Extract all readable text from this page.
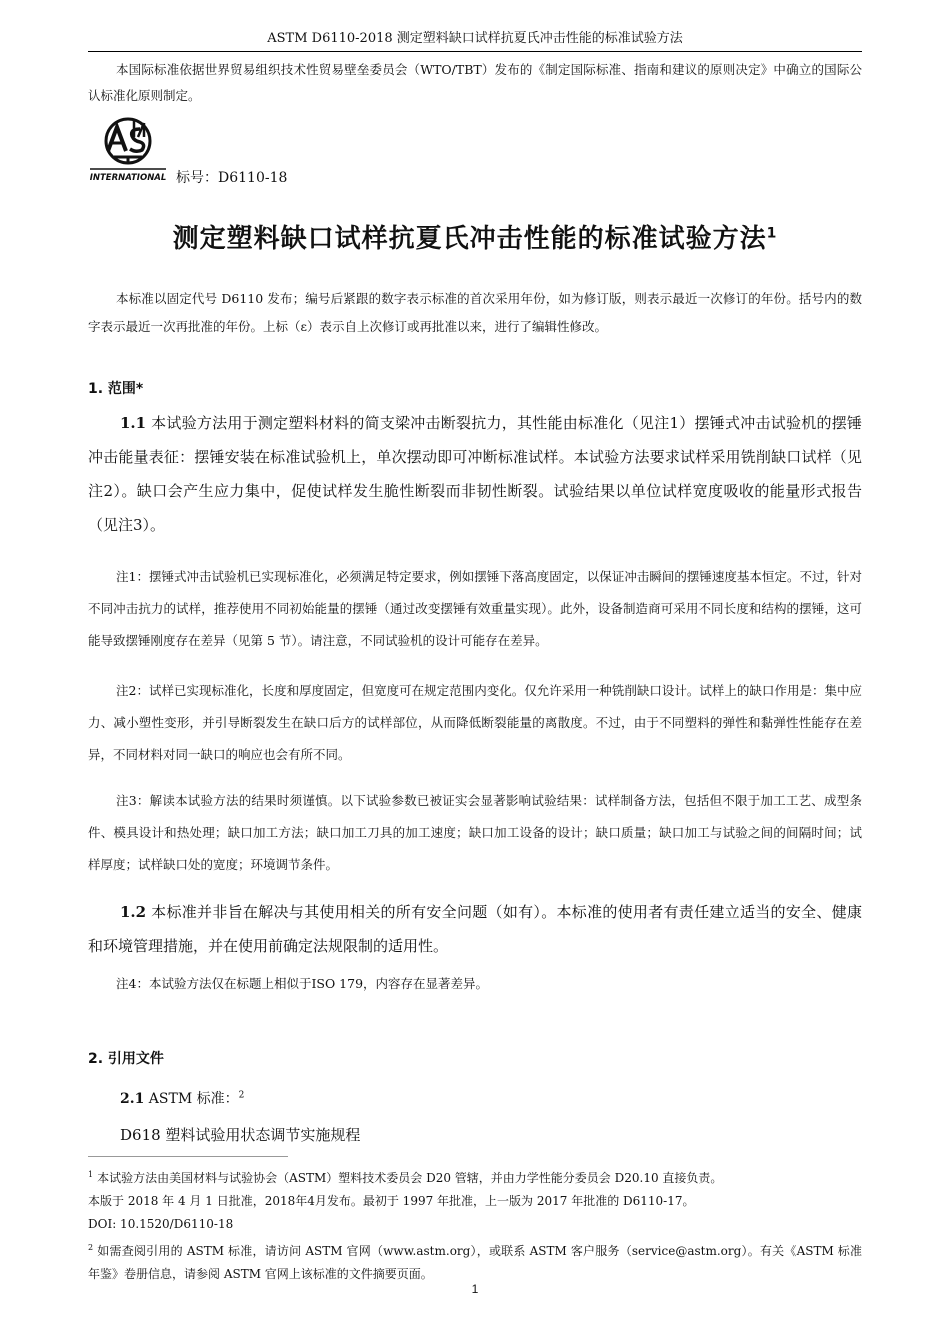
ASTM D6110-2018 测定塑料缺口试样抗夏氏冲击性能的标准试验方法
本国际标准依据世界贸易组织技术性贸易壁垒委员会（WTO/TBT）发布的《制定国际标准、指南和建议的原则决定》中确立的国际公认标准化原则制定。
INTERNATIONAL 标号：D6110-18
测定塑料缺口试样抗夏氏冲击性能的标准试验方法$^1$
本标准以固定代号 D6110 发布；编号后紧跟的数字表示标准的首次采用年份，如为修订版，则表示最近一次修订的年份。括号内的数字表示最近一次再批准的年份。上标（ε）表示自上次修订或再批准以来，进行了编辑性修改。
1. 范围*
1.1 本试验方法用于测定塑料材料的简支梁冲击断裂抗力，其性能由标准化（见注1）摆锤式冲击试验机的摆锤冲击能量表征：摆锤安装在标准试验机上，单次摆动即可冲断标准试样。本试验方法要求试样采用铣削缺口试样（见注2）。缺口会产生应力集中，促使试样发生脆性断裂而非韧性断裂。试验结果以单位试样宽度吸收的能量形式报告（见注3）。
注1：摆锤式冲击试验机已实现标准化，必须满足特定要求，例如摆锤下落高度固定，以保证冲击瞬间的摆锤速度基本恒定。不过，针对不同冲击抗力的试样，推荐使用不同初始能量的摆锤（通过改变摆锤有效重量实现）。此外，设备制造商可采用不同长度和结构的摆锤，这可能导致摆锤刚度存在差异（见第 5 节）。请注意，不同试验机的设计可能存在差异。
注2：试样已实现标准化，长度和厚度固定，但宽度可在规定范围内变化。仅允许采用一种铣削缺口设计。试样上的缺口作用是：集中应力、减小塑性变形，并引导断裂发生在缺口后方的试样部位，从而降低断裂能量的离散度。不过，由于不同塑料的弹性和黏弹性性能存在差异，不同材料对同一缺口的响应也会有所不同。
注3：解读本试验方法的结果时须谨慎。以下试验参数已被证实会显著影响试验结果：试样制备方法，包括但不限于加工工艺、成型条件、模具设计和热处理；缺口加工方法；缺口加工刀具的加工速度；缺口加工设备的设计；缺口质量；缺口加工与试验之间的间隔时间；试样厚度；试样缺口处的宽度；环境调节条件。
1.2 本标准并非旨在解决与其使用相关的所有安全问题（如有）。本标准的使用者有责任建立适当的安全、健康和环境管理措施，并在使用前确定法规限制的适用性。
注4：本试验方法仅在标题上相似于ISO 179，内容存在显著差异。
2. 引用文件
2.1 ASTM 标准：$^2$
D618 塑料试验用状态调节实施规程
$^1$ 本试验方法由美国材料与试验协会（ASTM）塑料技术委员会 D20 管辖，并由力学性能分委员会 D20.10 直接负责。
本版于 2018 年 4 月 1 日批准，2018年4月发布。最初于 1997 年批准，上一版为 2017 年批准的 D6110-17。
DOI: 10.1520/D6110-18
$^2$ 如需查阅引用的 ASTM 标准，请访问 ASTM 官网（www.astm.org），或联系 ASTM 客户服务（service@astm.org）。有关《ASTM 标准年鉴》卷册信息，请参阅 ASTM 官网上该标准的文件摘要页面。
1
